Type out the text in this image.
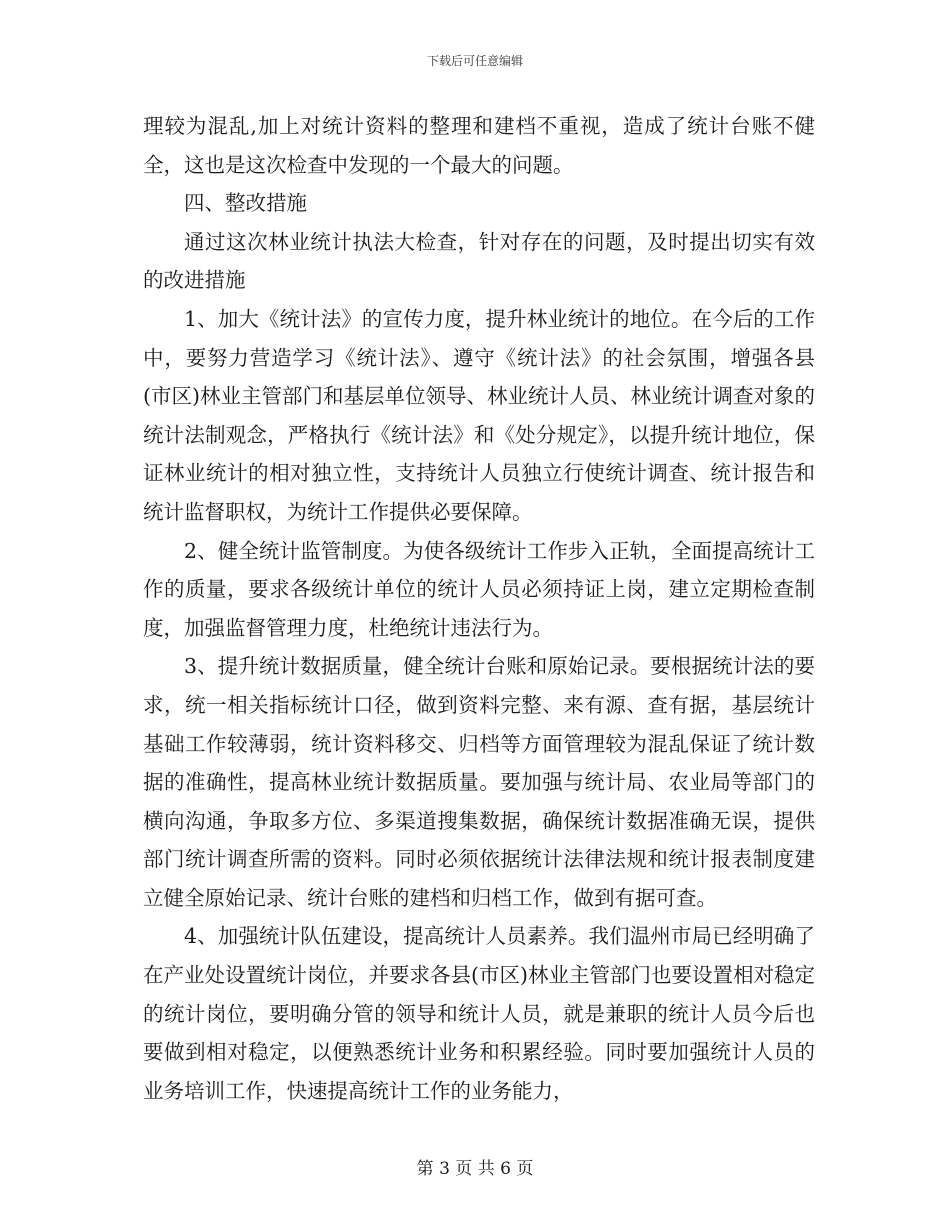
下载后可任意编辑

理较为混乱,加上对统计资料的整理和建档不重视，造成了统计台账不健全，这也是这次检查中发现的一个最大的问题。

四、整改措施

通过这次林业统计执法大检查，针对存在的问题，及时提出切实有效的改进措施

1、加大《统计法》的宣传力度，提升林业统计的地位。在今后的工作中，要努力营造学习《统计法》、遵守《统计法》的社会氛围，增强各县(市区)林业主管部门和基层单位领导、林业统计人员、林业统计调查对象的统计法制观念，严格执行《统计法》和《处分规定》，以提升统计地位，保证林业统计的相对独立性，支持统计人员独立行使统计调查、统计报告和统计监督职权，为统计工作提供必要保障。

2、健全统计监管制度。为使各级统计工作步入正轨，全面提高统计工作的质量，要求各级统计单位的统计人员必须持证上岗，建立定期检查制度，加强监督管理力度，杜绝统计违法行为。

3、提升统计数据质量，健全统计台账和原始记录。要根据统计法的要求，统一相关指标统计口径，做到资料完整、来有源、查有据，基层统计基础工作较薄弱，统计资料移交、归档等方面管理较为混乱保证了统计数据的准确性，提高林业统计数据质量。要加强与统计局、农业局等部门的横向沟通，争取多方位、多渠道搜集数据，确保统计数据准确无误，提供部门统计调查所需的资料。同时必须依据统计法律法规和统计报表制度建立健全原始记录、统计台账的建档和归档工作，做到有据可查。

4、加强统计队伍建设，提高统计人员素养。我们温州市局已经明确了在产业处设置统计岗位，并要求各县(市区)林业主管部门也要设置相对稳定的统计岗位，要明确分管的领导和统计人员，就是兼职的统计人员今后也要做到相对稳定，以便熟悉统计业务和积累经验。同时要加强统计人员的业务培训工作，快速提高统计工作的业务能力，

第 3 页 共 6 页
